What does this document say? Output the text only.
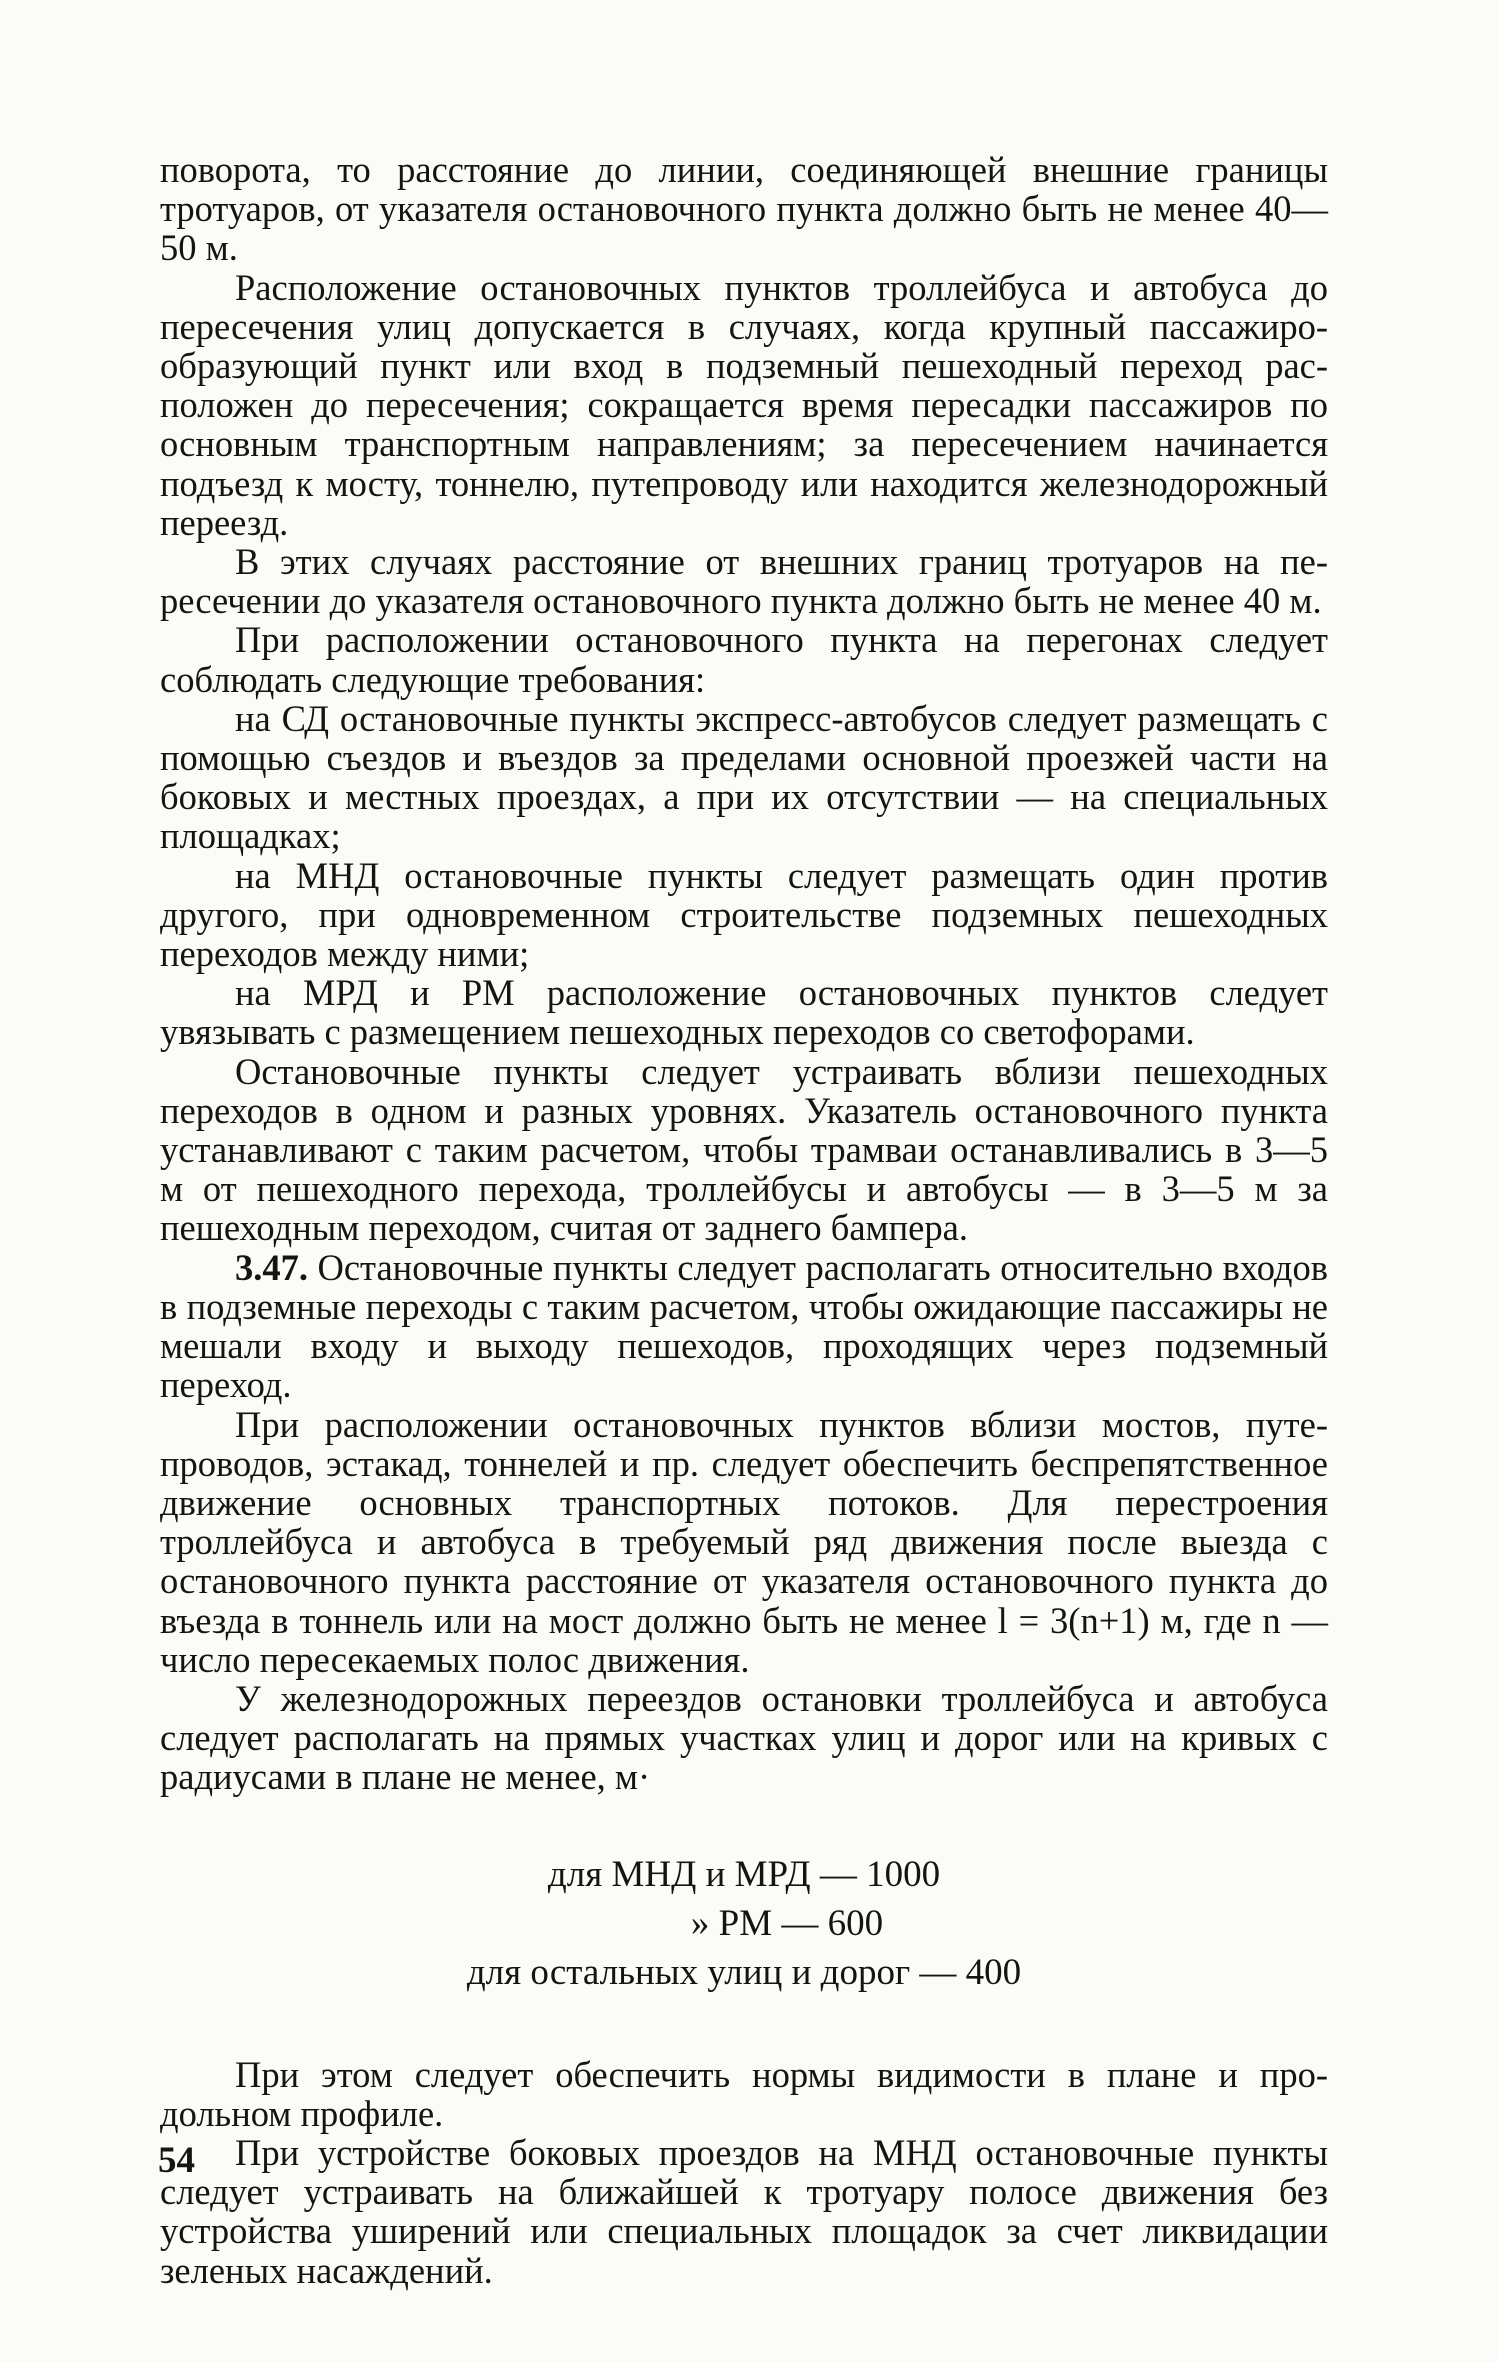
поворота, то расстояние до линии, соединяющей внешние границы тротуаров, от указателя остановочного пункта должно быть не менее 40—50 м.

Расположение остановочных пунктов троллейбуса и автобуса до пересечения улиц допускается в случаях, когда крупный пассажирообразующий пункт или вход в подземный пешеходный переход расположен до пересечения; сокращается время пересадки пассажиров по основным транспортным направлениям; за пересечением начинается подъезд к мосту, тоннелю, путепроводу или находится железнодорожный переезд.

В этих случаях расстояние от внешних границ тротуаров на пересечении до указателя остановочного пункта должно быть не менее 40 м.

При расположении остановочного пункта на перегонах следует соблюдать следующие требования:

на СД остановочные пункты экспресс-автобусов следует размещать с помощью съездов и въездов за пределами основной проезжей части на боковых и местных проездах, а при их отсутствии — на специальных площадках;

на МНД остановочные пункты следует размещать один против другого, при одновременном строительстве подземных пешеходных переходов между ними;

на МРД и РМ расположение остановочных пунктов следует увязывать с размещением пешеходных переходов со светофорами.

Остановочные пункты следует устраивать вблизи пешеходных переходов в одном и разных уровнях. Указатель остановочного пункта устанавливают с таким расчетом, чтобы трамваи останавливались в 3—5 м от пешеходного перехода, троллейбусы и автобусы — в 3—5 м за пешеходным переходом, считая от заднего бампера.

3.47. Остановочные пункты следует располагать относительно входов в подземные переходы с таким расчетом, чтобы ожидающие пассажиры не мешали входу и выходу пешеходов, проходящих через подземный переход.

При расположении остановочных пунктов вблизи мостов, путепроводов, эстакад, тоннелей и пр. следует обеспечить беспрепятственное движение основных транспортных потоков. Для перестроения троллейбуса и автобуса в требуемый ряд движения после выезда с остановочного пункта расстояние от указателя остановочного пункта до въезда в тоннель или на мост должно быть не менее l = 3(n+1) м, где n — число пересекаемых полос движения.

У железнодорожных переездов остановки троллейбуса и автобуса следует располагать на прямых участках улиц и дорог или на кривых с радиусами в плане не менее, м·

для МНД и МРД — 1000
» РМ — 600
для остальных улиц и дорог — 400

При этом следует обеспечить нормы видимости в плане и продольном профиле.

При устройстве боковых проездов на МНД остановочные пункты следует устраивать на ближайшей к тротуару полосе движения без устройства уширений или специальных площадок за счет ликвидации зеленых насаждений.

54
